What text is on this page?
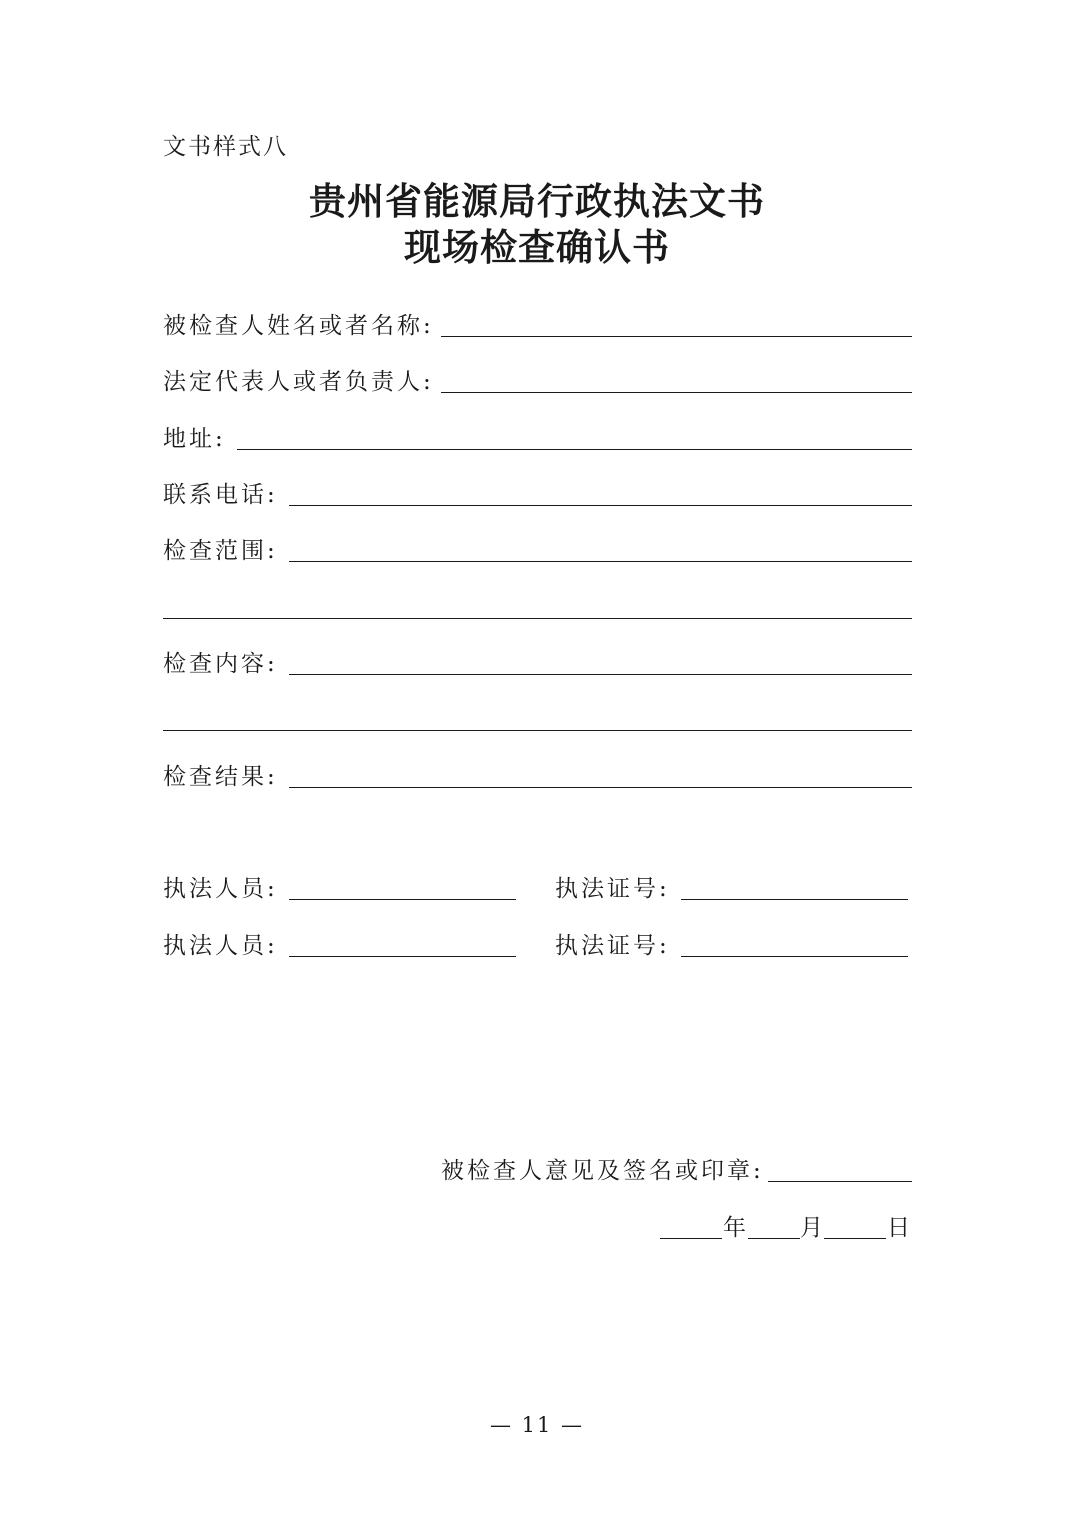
文书样式八
贵州省能源局行政执法文书
现场检查确认书
被检查人姓名或者名称:
法定代表人或者负责人:
地址:
联系电话:
检查范围:
检查内容:
检查结果:
执法人员:	执法证号:
执法人员:	执法证号:
被检查人意见及签名或印章:
年 月	日
— 11 —
